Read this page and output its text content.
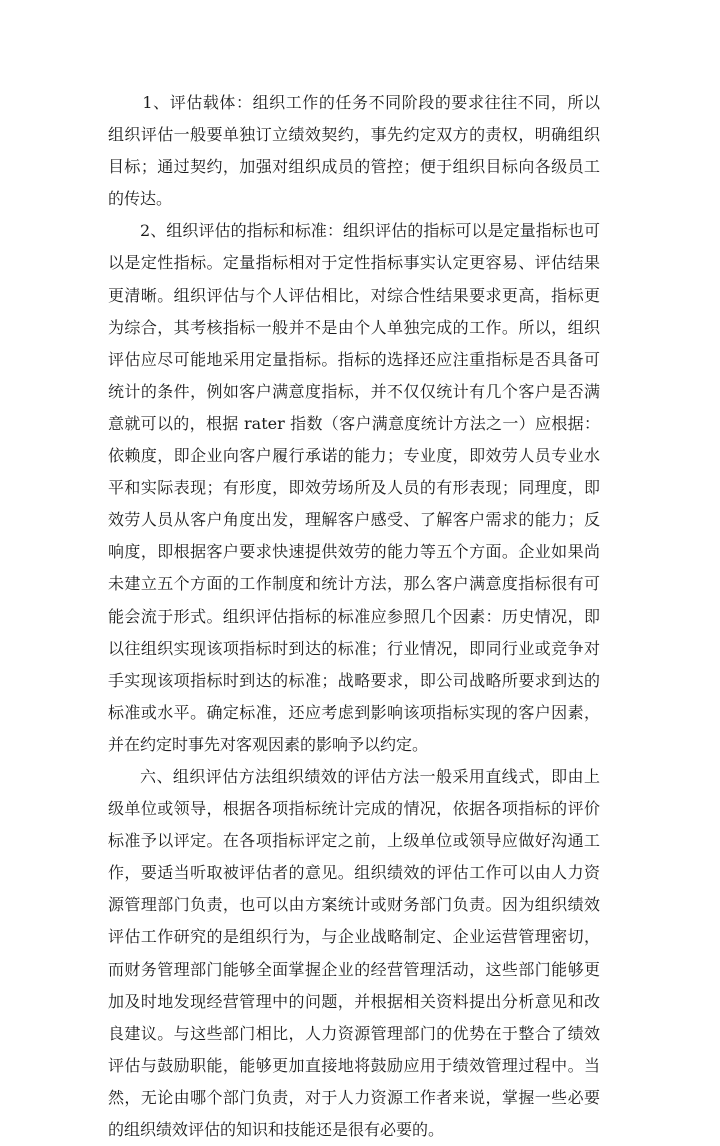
1、评估载体：组织工作的任务不同阶段的要求往往不同，所以组织评估一般要单独订立绩效契约，事先约定双方的责权，明确组织目标；通过契约，加强对组织成员的管控；便于组织目标向各级员工的传达。

2、组织评估的指标和标准：组织评估的指标可以是定量指标也可以是定性指标。定量指标相对于定性指标事实认定更容易、评估结果更清晰。组织评估与个人评估相比，对综合性结果要求更高，指标更为综合，其考核指标一般并不是由个人单独完成的工作。所以，组织评估应尽可能地采用定量指标。指标的选择还应注重指标是否具备可统计的条件，例如客户满意度指标，并不仅仅统计有几个客户是否满意就可以的，根据 rater 指数（客户满意度统计方法之一）应根据：依赖度，即企业向客户履行承诺的能力；专业度，即效劳人员专业水平和实际表现；有形度，即效劳场所及人员的有形表现；同理度，即效劳人员从客户角度出发，理解客户感受、了解客户需求的能力；反响度，即根据客户要求快速提供效劳的能力等五个方面。企业如果尚未建立五个方面的工作制度和统计方法，那么客户满意度指标很有可能会流于形式。组织评估指标的标准应参照几个因素：历史情况，即以往组织实现该项指标时到达的标准；行业情况，即同行业或竞争对手实现该项指标时到达的标准；战略要求，即公司战略所要求到达的标准或水平。确定标准，还应考虑到影响该项指标实现的客户因素，并在约定时事先对客观因素的影响予以约定。

六、组织评估方法组织绩效的评估方法一般采用直线式，即由上级单位或领导，根据各项指标统计完成的情况，依据各项指标的评价标准予以评定。在各项指标评定之前，上级单位或领导应做好沟通工作，要适当听取被评估者的意见。组织绩效的评估工作可以由人力资源管理部门负责，也可以由方案统计或财务部门负责。因为组织绩效评估工作研究的是组织行为，与企业战略制定、企业运营管理密切，而财务管理部门能够全面掌握企业的经营管理活动，这些部门能够更加及时地发现经营管理中的问题，并根据相关资料提出分析意见和改良建议。与这些部门相比，人力资源管理部门的优势在于整合了绩效评估与鼓励职能，能够更加直接地将鼓励应用于绩效管理过程中。当然，无论由哪个部门负责，对于人力资源工作者来说，掌握一些必要的组织绩效评估的知识和技能还是很有必要的。
